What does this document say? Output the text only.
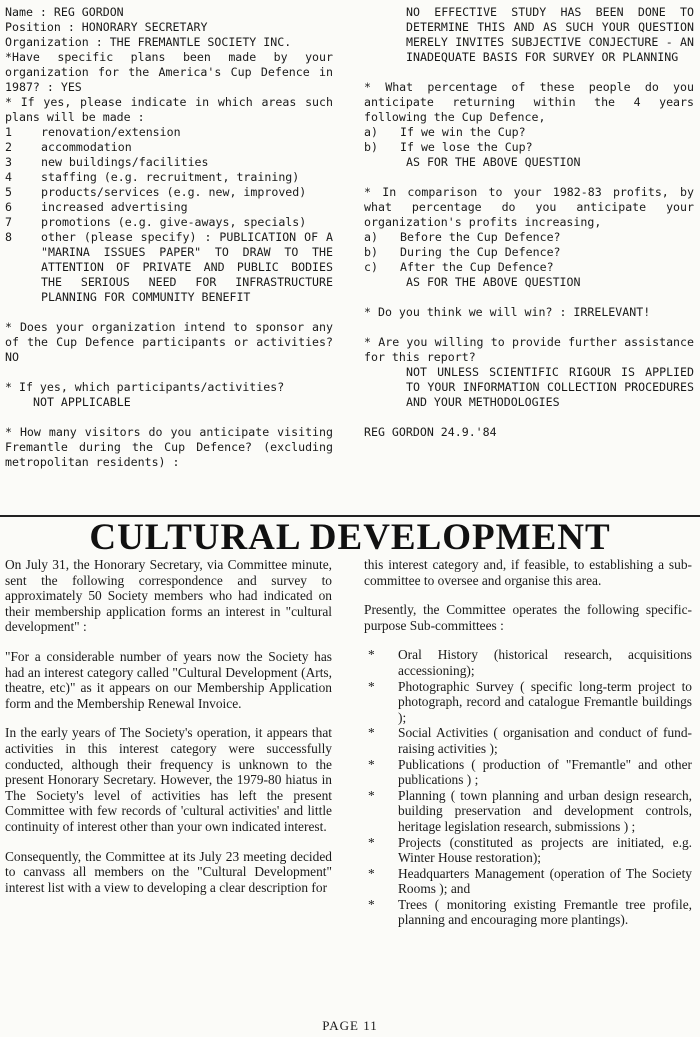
Name : REG GORDON

Position : HONORARY SECRETARY

Organization : THE FREMANTLE SOCIETY INC.

*Have specific plans been made by your organization for the America's Cup Defence in 1987? : YES

* If yes, please indicate in which areas such plans will be made :

1	renovation/extension
2	accommodation
3	new buildings/facilities
4	staffing (e.g. recruitment, training)
5	products/services (e.g. new, improved)
6	increased advertising
7	promotions (e.g. give-aways, specials)
8	other (please specify) : PUBLICATION OF A "MARINA ISSUES PAPER" TO DRAW TO THE ATTENTION OF PRIVATE AND PUBLIC BODIES THE SERIOUS NEED FOR INFRASTRUCTURE PLANNING FOR COMMUNITY BENEFIT

* Does your organization intend to sponsor any of the Cup Defence participants or activities? NO

* If yes, which participants/activities?

NOT APPLICABLE

* How many visitors do you anticipate visiting Fremantle during the Cup Defence? (excluding metropolitan residents) :

NO EFFECTIVE STUDY HAS BEEN DONE TO DETERMINE THIS AND AS SUCH YOUR QUESTION MERELY INVITES SUBJECTIVE CONJECTURE - AN INADEQUATE BASIS FOR SURVEY OR PLANNING

* What percentage of these people do you anticipate returning within the 4 years following the Cup Defence,

a)	If we win the Cup?
b)	If we lose the Cup?

AS FOR THE ABOVE QUESTION

* In comparison to your 1982-83 profits, by what percentage do you anticipate your organization's profits increasing,

a)	Before the Cup Defence?
b)	During the Cup Defence?
c)	After the Cup Defence?

AS FOR THE ABOVE QUESTION

* Do you think we will win? : IRRELEVANT!

* Are you willing to provide further assistance for this report?

NOT UNLESS SCIENTIFIC RIGOUR IS APPLIED TO YOUR INFORMATION COLLECTION PROCEDURES AND YOUR METHODOLOGIES

REG GORDON 24.9.'84

CULTURAL DEVELOPMENT

On July 31, the Honorary Secretary, via Committee minute, sent the following correspondence and survey to approximately 50 Society members who had indicated on their membership application forms an interest in "cultural development" :

"For a considerable number of years now the Society has had an interest category called "Cultural Development (Arts, theatre, etc)" as it appears on our Membership Application form and the Membership Renewal Invoice.

In the early years of The Society's operation, it appears that activities in this interest category were successfully conducted, although their frequency is unknown to the present Honorary Secretary. However, the 1979-80 hiatus in The Society's level of activities has left the present Committee with few records of 'cultural activities' and little continuity of interest other than your own indicated interest.

Consequently, the Committee at its July 23 meeting decided to canvass all members on the "Cultural Development" interest list with a view to developing a clear description for

this interest category and, if feasible, to establishing a sub-committee to oversee and organise this area.

Presently, the Committee operates the following specific-purpose Sub-committees :

*	Oral History (historical research, acquisitions accessioning);
*	Photographic Survey ( specific long-term project to photograph, record and catalogue Fremantle buildings );
*	Social Activities ( organisation and conduct of fund-raising activities );
*	Publications ( production of "Fremantle" and other publications ) ;
*	Planning ( town planning and urban design research, building preservation and development controls, heritage legislation research, submissions ) ;
*	Projects (constituted as projects are initiated, e.g. Winter House restoration);
*	Headquarters Management (operation of The Society Rooms ); and
*	Trees ( monitoring existing Fremantle tree profile, planning and encouraging more plantings).
PAGE 11
